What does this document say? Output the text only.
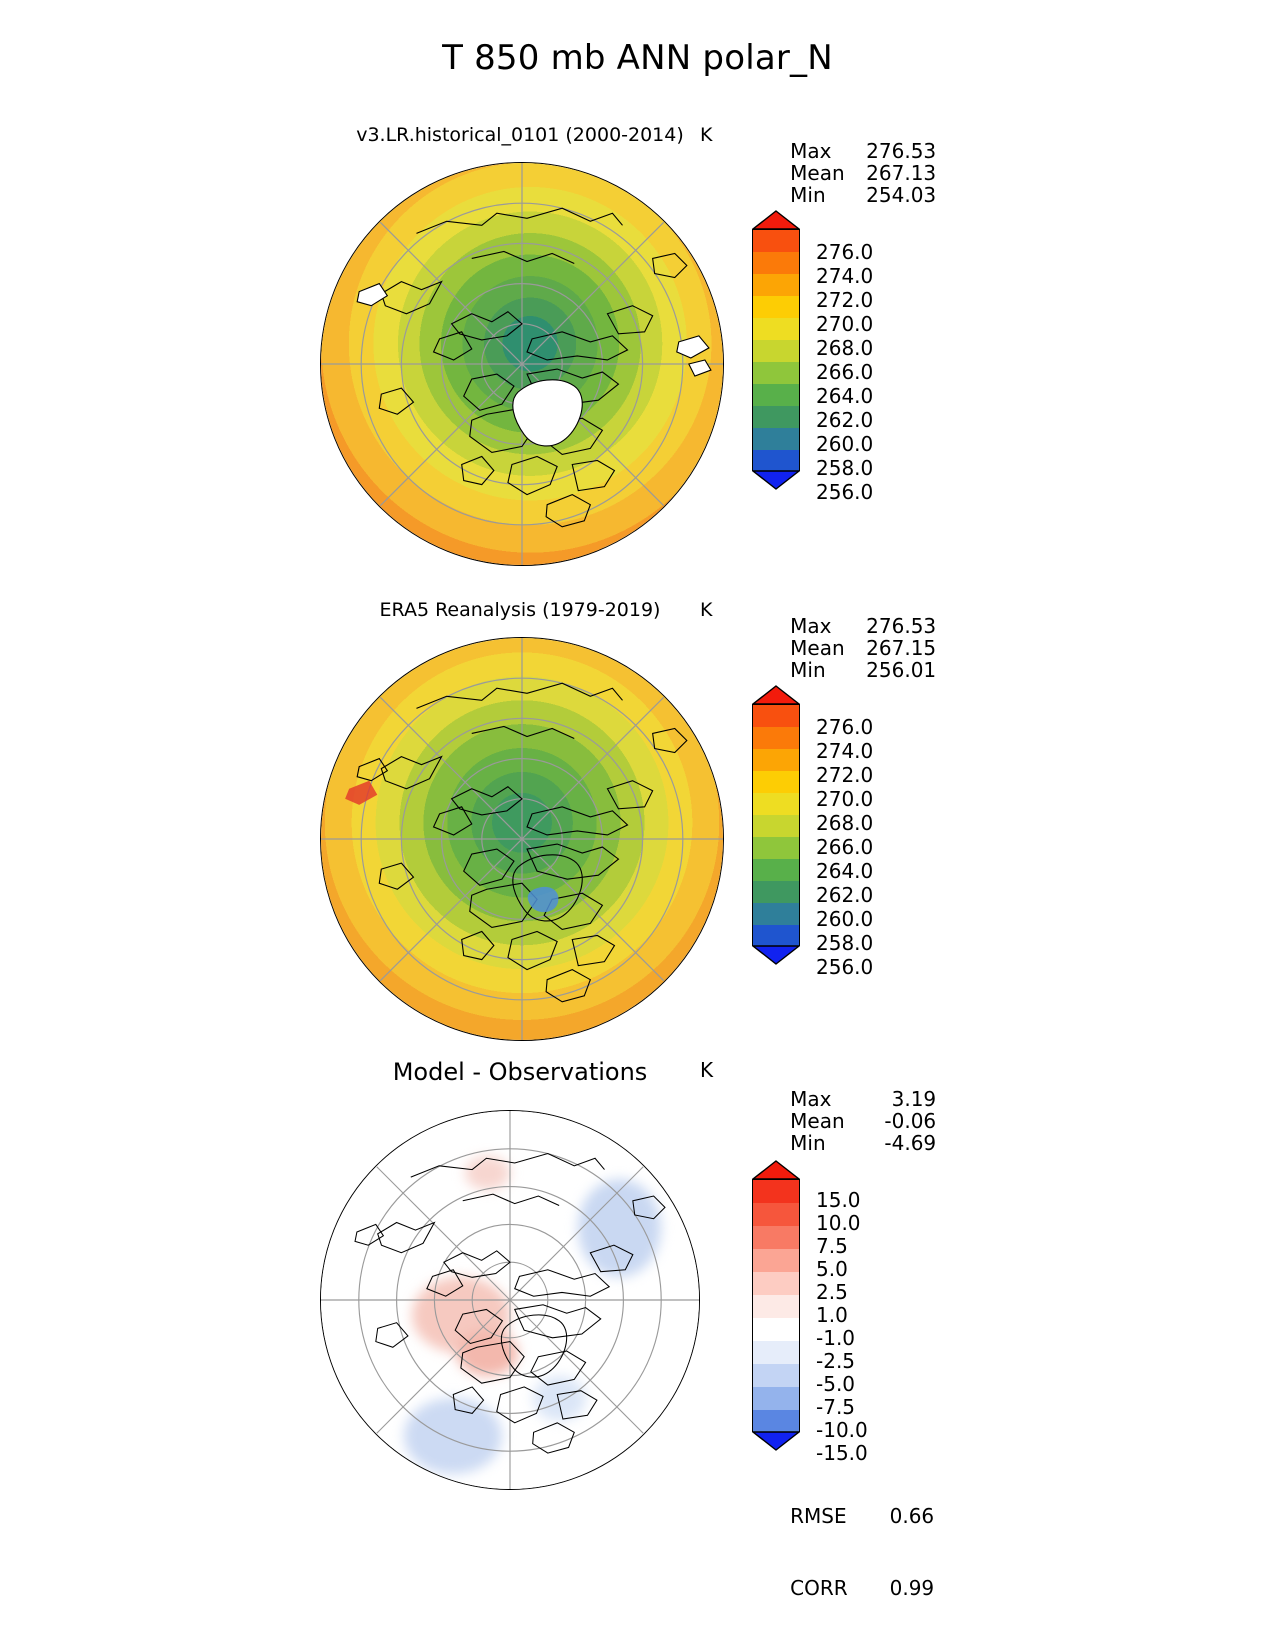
T 850 mb ANN polar_N
v3.LR.historical_0101 (2000-2014) K

Max 276.53

Mean 267.13

Min 254.03

276.0
274.0
272.0
270.0
268.0
266.0
264.0
262.0
260.0
258.0
256.0
ERA5 Reanalysis (1979-2019)	K

Max 276.53

Mean 267.15

Min 256.01

276.0
274.0
272.0
270.0
268.0
266.0
264.0
262.0
260.0
258.0
256.0
Model - Observations	K

Max	3.19

Mean -0.06

Min	-4.69

15.0
10.0
7.5
5.0
2.5
1.0
-1.0
-2.5
-5.0
-7.5
-10.0
-15.0

RMSE 0.66

CORR 0.99
